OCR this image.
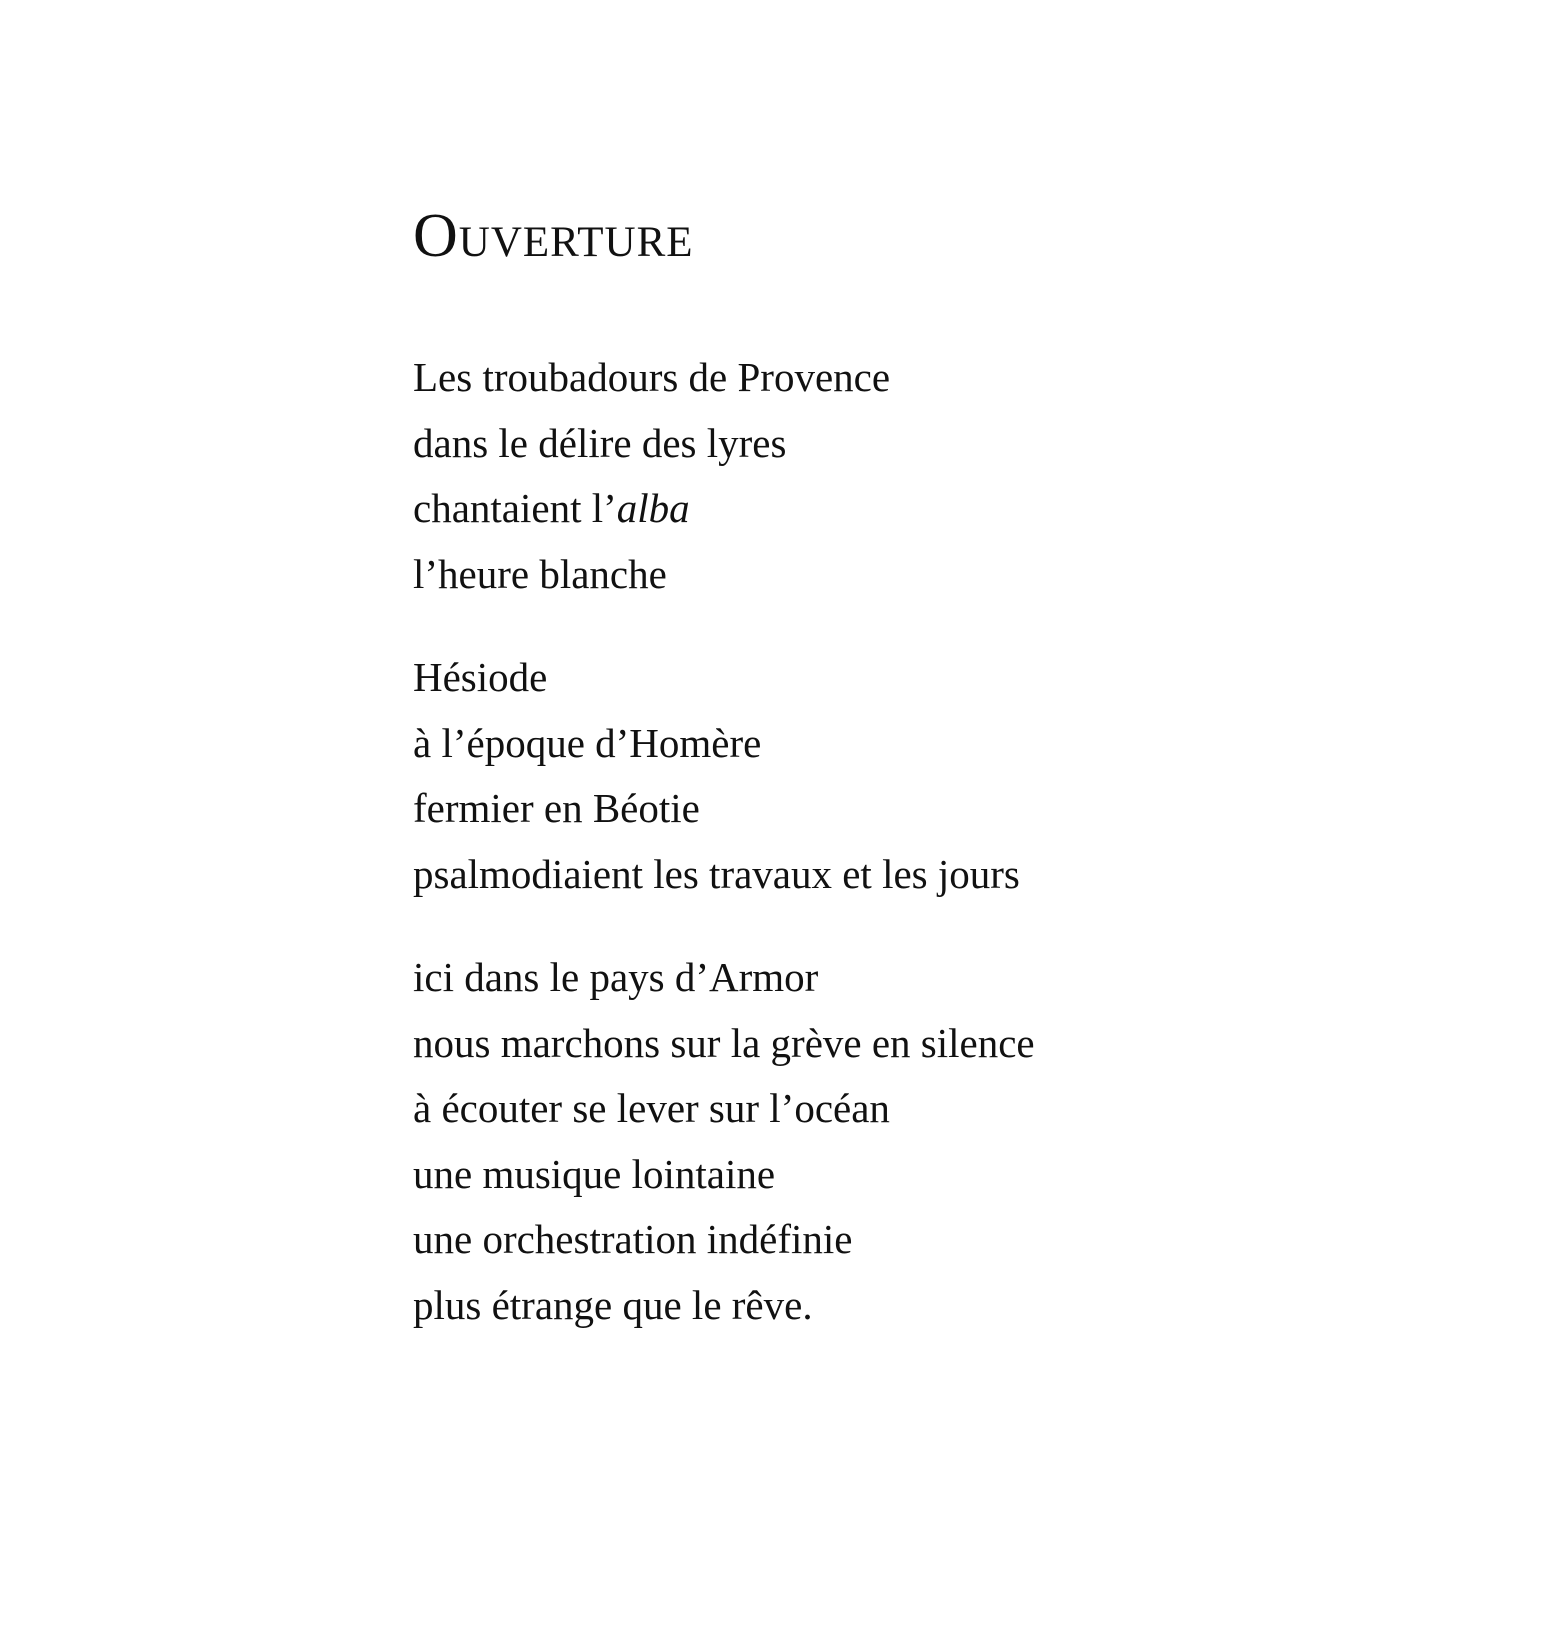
Ouverture
Les troubadours de Provence
dans le délire des lyres
chantaient l’alba
l’heure blanche
Hésiode
à l’époque d’Homère
fermier en Béotie
psalmodiaient les travaux et les jours
ici dans le pays d’Armor
nous marchons sur la grève en silence
à écouter se lever sur l’océan
une musique lointaine
une orchestration indéfinie
plus étrange que le rêve.
